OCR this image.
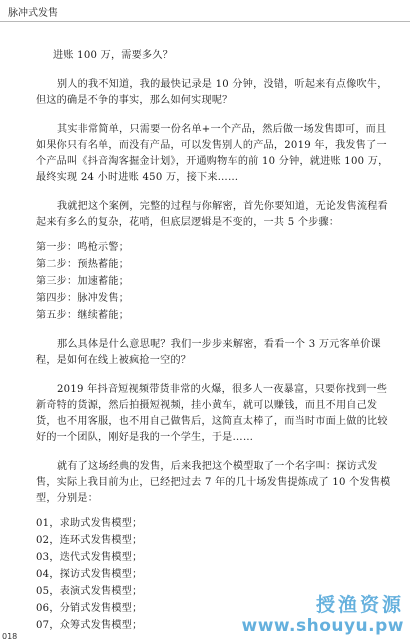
脉冲式发售

进账 100 万，需要多久？

别人的我不知道，我的最快记录是 10 分钟，没错，听起来有点像吹牛，但这的确是不争的事实，那么如何实现呢？

其实非常简单，只需要一份名单+一个产品，然后做一场发售即可，而且如果你只有名单，而没有产品，可以发售别人的产品，2019 年，我发售了一个产品叫《抖音淘客掘金计划》，开通购物车的前 10 分钟，就进账 100 万，最终实现 24 小时进账 450 万，接下来……

我就把这个案例，完整的过程与你解密，首先你要知道，无论发售流程看起来有多么的复杂，花哨，但底层逻辑是不变的，一共 5 个步骤：

第一步：鸣枪示警；

第二步：预热蓄能；

第三步：加速蓄能；

第四步：脉冲发售；

第五步：继续蓄能；

那么具体是什么意思呢？我们一步步来解密，看看一个 3 万元客单价课程，是如何在线上被疯抢一空的？

2019 年抖音短视频带货非常的火爆，很多人一夜暴富，只要你找到一些新奇特的货源，然后拍摄短视频，挂小黄车，就可以赚钱，而且不用自己发货，也不用客服，也不用自己做售后，这简直太棒了，而当时市面上做的比较好的一个团队，刚好是我的一个学生，于是……

就有了这场经典的发售，后来我把这个模型取了一个名字叫：探访式发售，实际上我目前为止，已经把过去 7 年的几十场发售提炼成了 10 个发售模型，分别是：

01，求助式发售模型；

02，连环式发售模型；

03，迭代式发售模型；

04，探访式发售模型；

05，表演式发售模型；

06，分销式发售模型；

07，众筹式发售模型；

018
授渔资源
www.shouyu.pw
